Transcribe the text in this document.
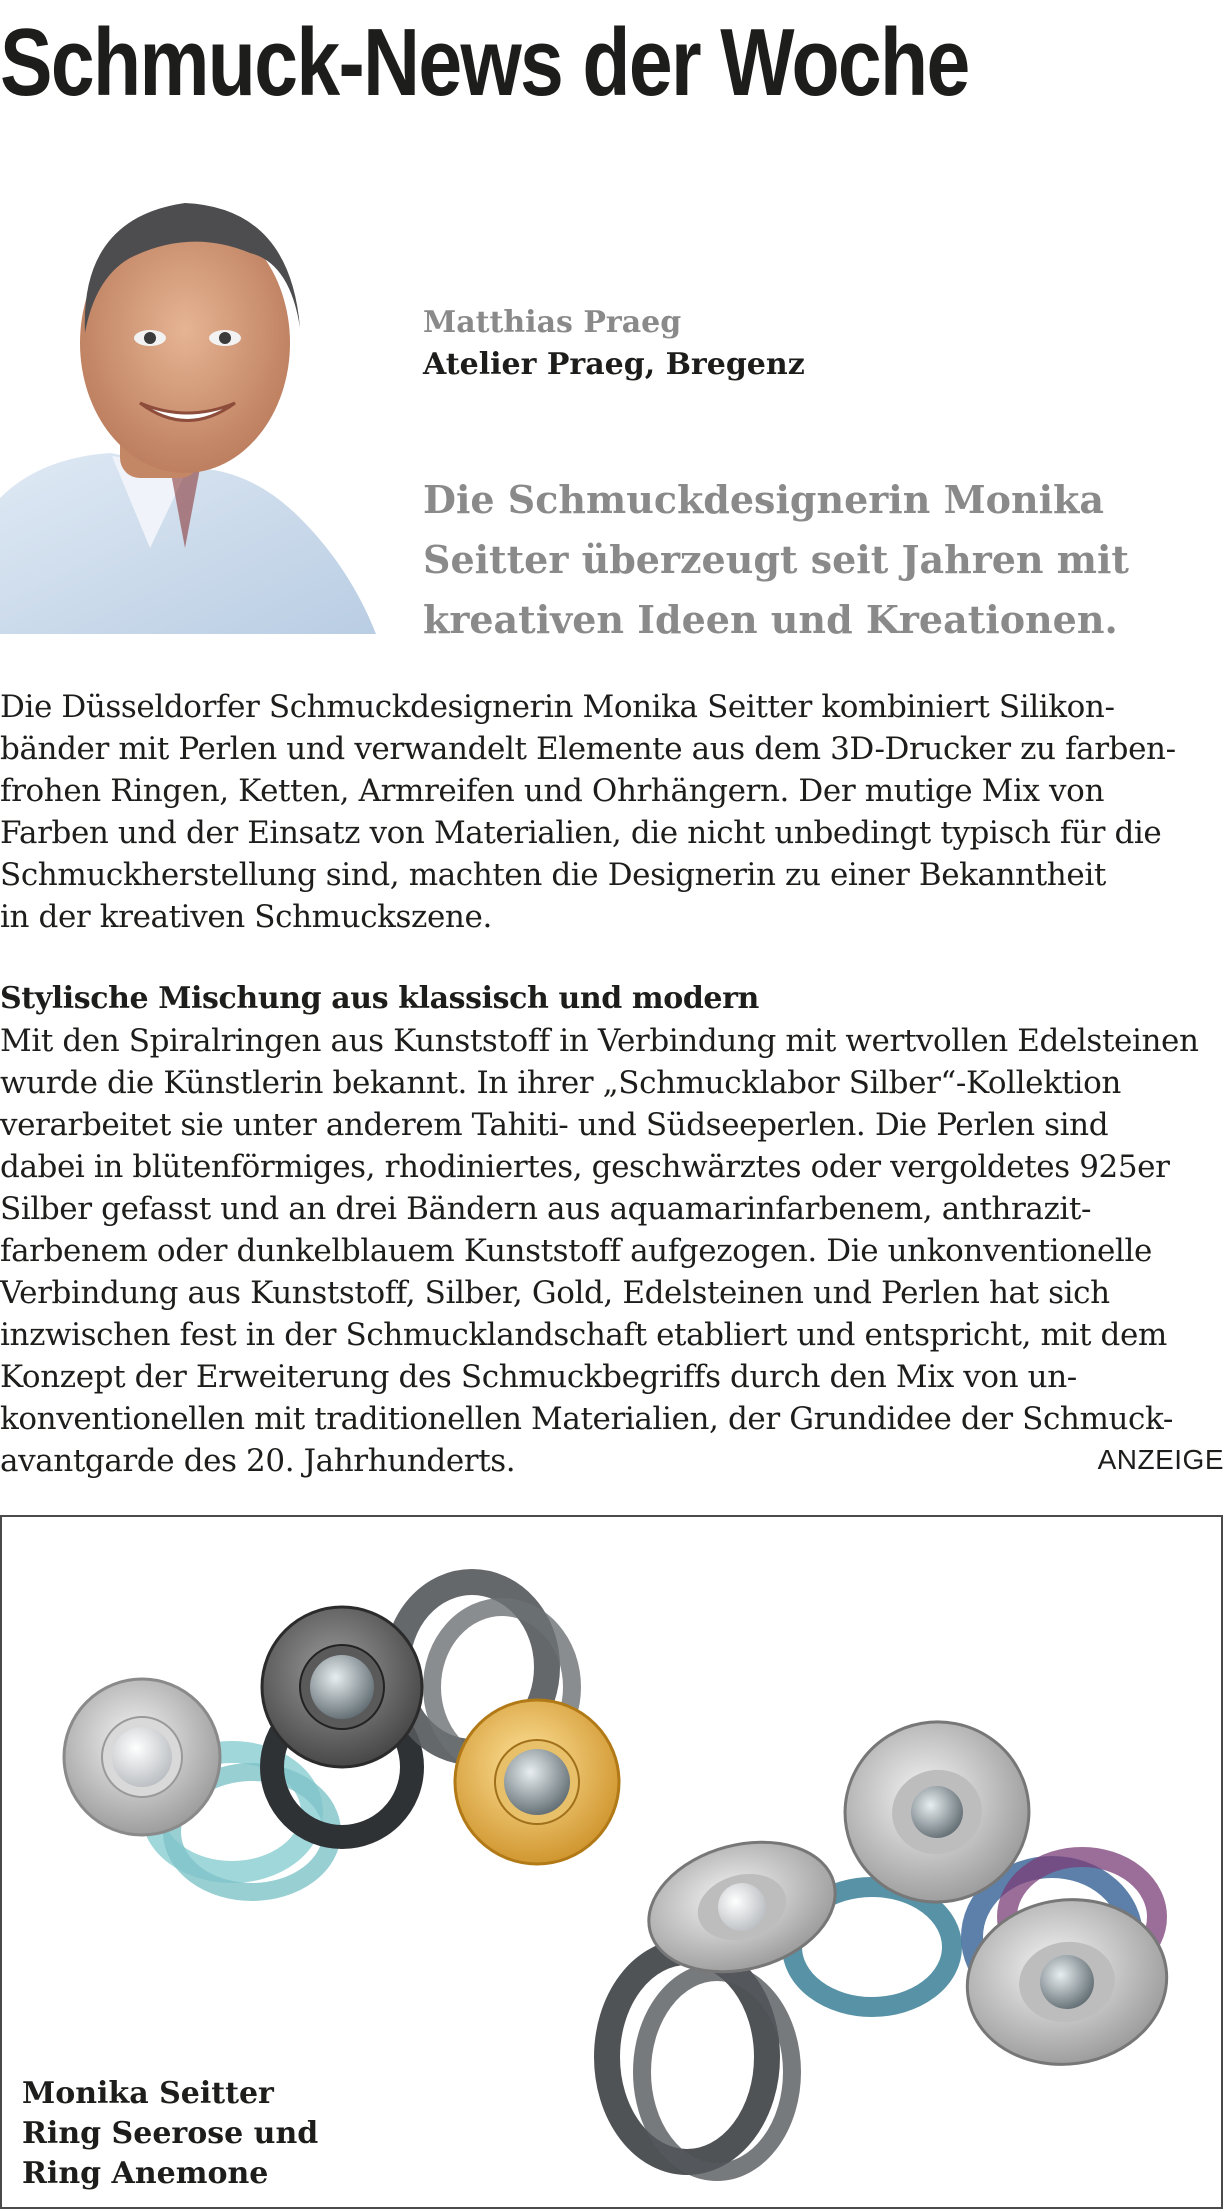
Schmuck-News der Woche
Matthias Praeg
Atelier Praeg, Bregenz

Die Schmuckdesignerin Monika
Seitter überzeugt seit Jahren mit
kreativen Ideen und Kreationen.

Die Düsseldorfer Schmuckdesignerin Monika Seitter kombiniert Silikon-
bänder mit Perlen und verwandelt Elemente aus dem 3D-Drucker zu farben-
frohen Ringen, Ketten, Armreifen und Ohrhängern. Der mutige Mix von
Farben und der Einsatz von Materialien, die nicht unbedingt typisch für die
Schmuckherstellung sind, machten die Designerin zu einer Bekanntheit
in der kreativen Schmuckszene.
Stylische Mischung aus klassisch und modern
Mit den Spiralringen aus Kunststoff in Verbindung mit wertvollen Edelsteinen
wurde die Künstlerin bekannt. In ihrer „Schmucklabor Silber“-Kollektion
verarbeitet sie unter anderem Tahiti- und Südseeperlen. Die Perlen sind
dabei in blütenförmiges, rhodiniertes, geschwärztes oder vergoldetes 925er
Silber gefasst und an drei Bändern aus aquamarinfarbenem, anthrazit-
farbenem oder dunkelblauem Kunststoff aufgezogen. Die unkonventionelle
Verbindung aus Kunststoff, Silber, Gold, Edelsteinen und Perlen hat sich
inzwischen fest in der Schmucklandschaft etabliert und entspricht, mit dem
Konzept der Erweiterung des Schmuckbegriffs durch den Mix von un-
konventionellen mit traditionellen Materialien, der Grundidee der Schmuck-
avantgarde des 20. Jahrhunderts.	ANZEIGE
Monika Seitter
Ring Seerose und
Ring Anemone
